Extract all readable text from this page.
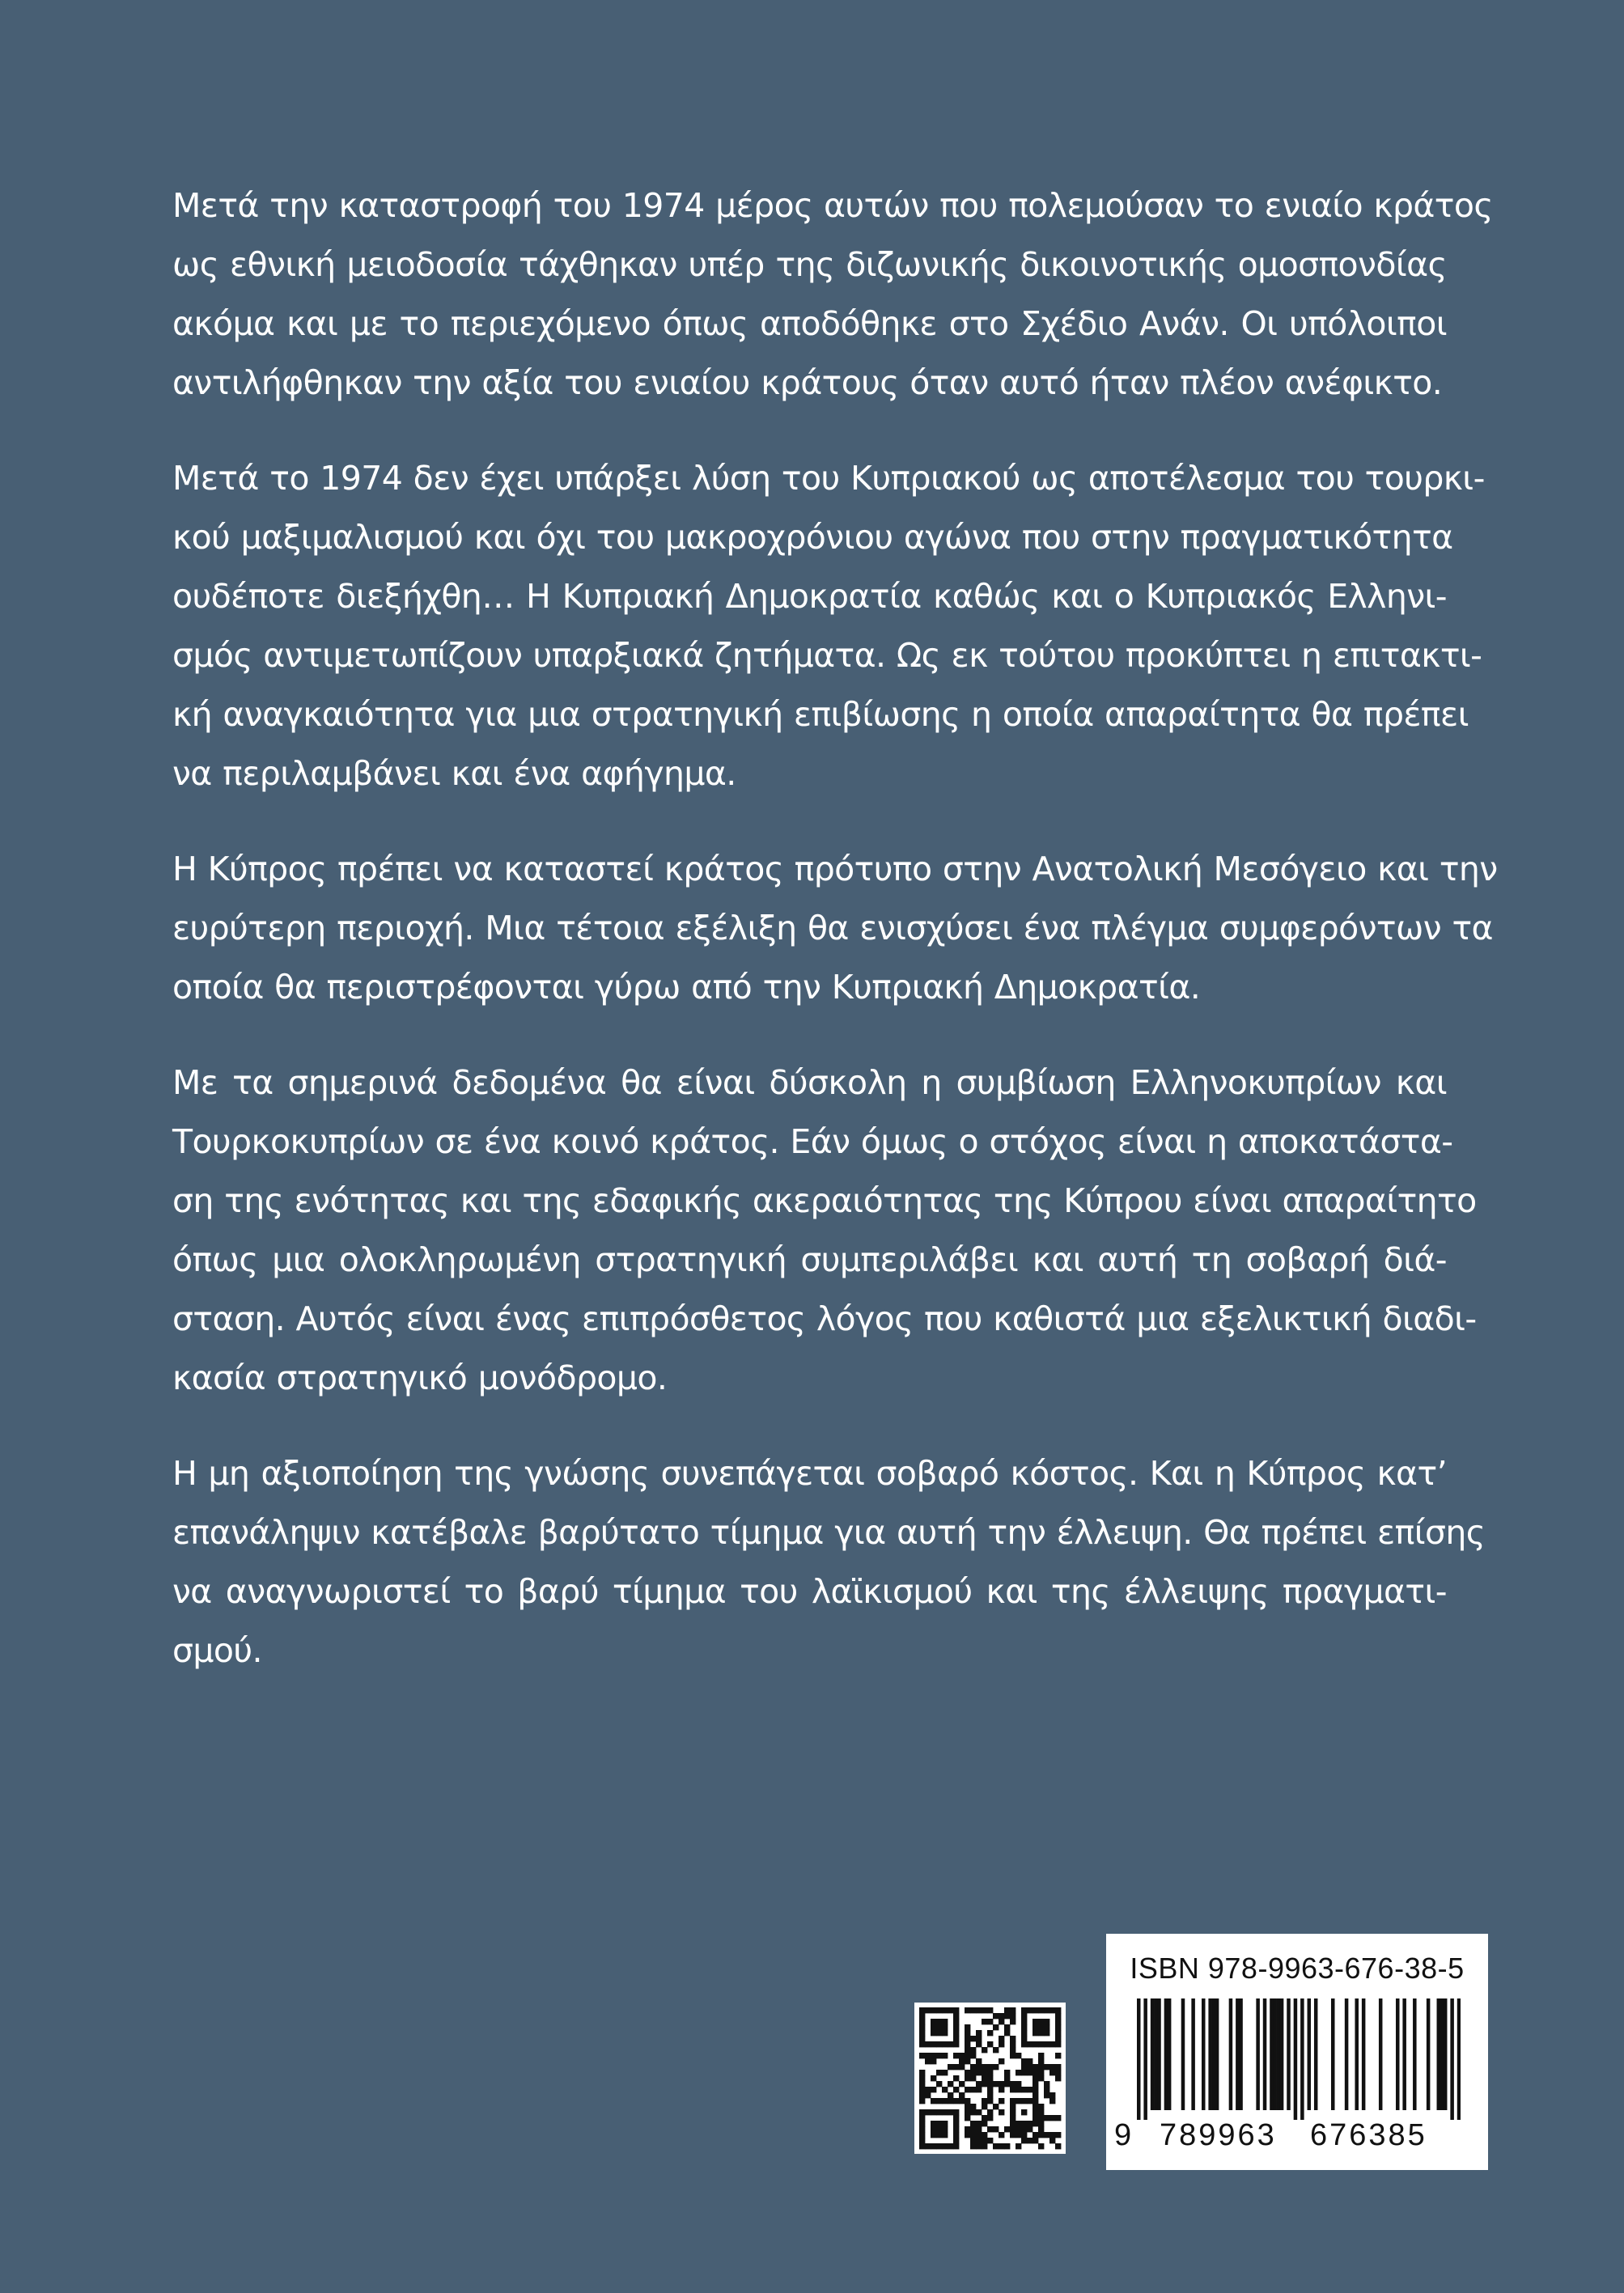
Μετά την καταστροφή του 1974 μέρος αυτών που πολεμούσαν το ενιαίο κράτος
ως εθνική μειοδοσία τάχθηκαν υπέρ της διζωνικής δικοινοτικής ομοσπονδίας
ακόμα και με το περιεχόμενο όπως αποδόθηκε στο Σχέδιο Ανάν. Οι υπόλοιποι
αντιλήφθηκαν την αξία του ενιαίου κράτους όταν αυτό ήταν πλέον ανέφικτο.

Μετά το 1974 δεν έχει υπάρξει λύση του Κυπριακού ως αποτέλεσμα του τουρκι-
κού μαξιμαλισμού και όχι του μακροχρόνιου αγώνα που στην πραγματικότητα
ουδέποτε διεξήχθη… Η Κυπριακή Δημοκρατία καθώς και ο Κυπριακός Ελληνι-
σμός αντιμετωπίζουν υπαρξιακά ζητήματα. Ως εκ τούτου προκύπτει η επιτακτι-
κή αναγκαιότητα για μια στρατηγική επιβίωσης η οποία απαραίτητα θα πρέπει
να περιλαμβάνει και ένα αφήγημα.

Η Κύπρος πρέπει να καταστεί κράτος πρότυπο στην Ανατολική Μεσόγειο και την
ευρύτερη περιοχή. Μια τέτοια εξέλιξη θα ενισχύσει ένα πλέγμα συμφερόντων τα
οποία θα περιστρέφονται γύρω από την Κυπριακή Δημοκρατία.

Με τα σημερινά δεδομένα θα είναι δύσκολη η συμβίωση Ελληνοκυπρίων και
Τουρκοκυπρίων σε ένα κοινό κράτος. Εάν όμως ο στόχος είναι η αποκατάστα-
ση της ενότητας και της εδαφικής ακεραιότητας της Κύπρου είναι απαραίτητο
όπως μια ολοκληρωμένη στρατηγική συμπεριλάβει και αυτή τη σοβαρή διά-
σταση. Αυτός είναι ένας επιπρόσθετος λόγος που καθιστά μια εξελικτική διαδι-
κασία στρατηγικό μονόδρομο.

Η μη αξιοποίηση της γνώσης συνεπάγεται σοβαρό κόστος. Και η Κύπρος κατ’
επανάληψιν κατέβαλε βαρύτατο τίμημα για αυτή την έλλειψη. Θα πρέπει επίσης
να αναγνωριστεί το βαρύ τίμημα του λαϊκισμού και της έλλειψης πραγματι-
σμού.

ISBN 978-9963-676-38-5
9 789963 676385
